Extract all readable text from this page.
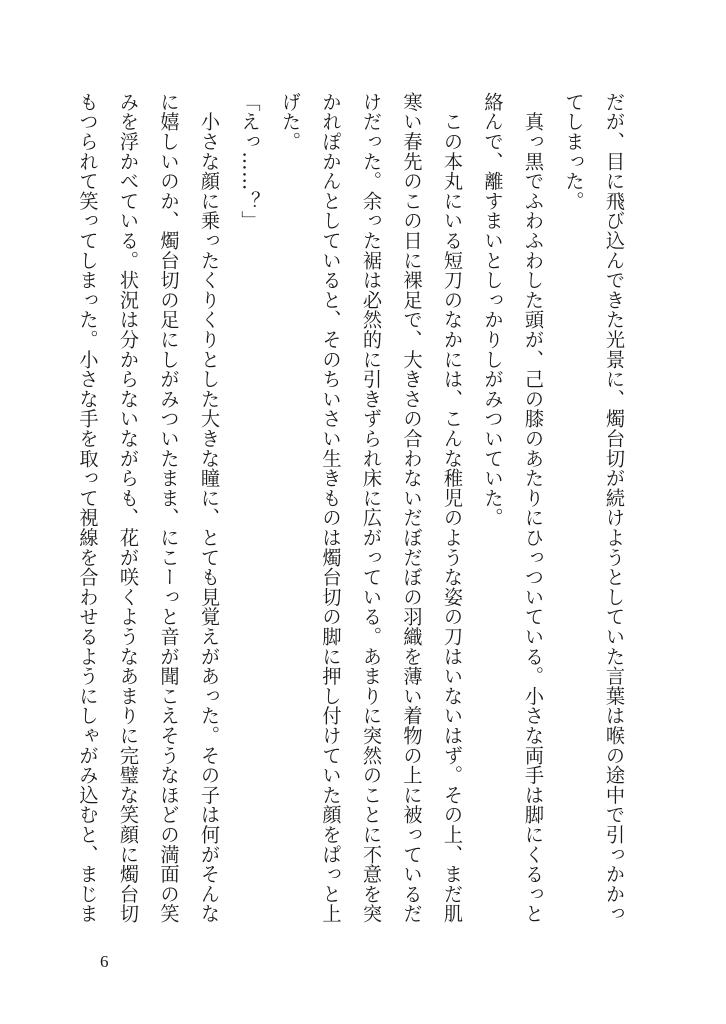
だが、目に飛び込んできた光景に、燭台切が続けようとしていた言葉は喉の途中で引っかかってしまった。

　真っ黒でふわふわした頭が、己の膝のあたりにひっついている。小さな両手は脚にくるっと絡んで、離すまいとしっかりしがみついていた。

　この本丸にいる短刀のなかには、こんな稚児のような姿の刀はいないはず。その上、まだ肌寒い春先のこの日に裸足で、大きさの合わないだぼだぼの羽織を薄い着物の上に被っているだけだった。余った裾は必然的に引きずられ床に広がっている。あまりに突然のことに不意を突かれぽかんとしていると、そのちいさい生きものは燭台切の脚に押し付けていた顔をぱっと上げた。

「えっ……？」

　小さな顔に乗ったくりくりとした大きな瞳に、とても見覚えがあった。その子は何がそんなに嬉しいのか、燭台切の足にしがみついたまま、にこーっと音が聞こえそうなほどの満面の笑みを浮かべている。状況は分からないながらも、花が咲くようなあまりに完璧な笑顔に燭台切もつられて笑ってしまった。小さな手を取って視線を合わせるようにしゃがみ込むと、まじま

6
